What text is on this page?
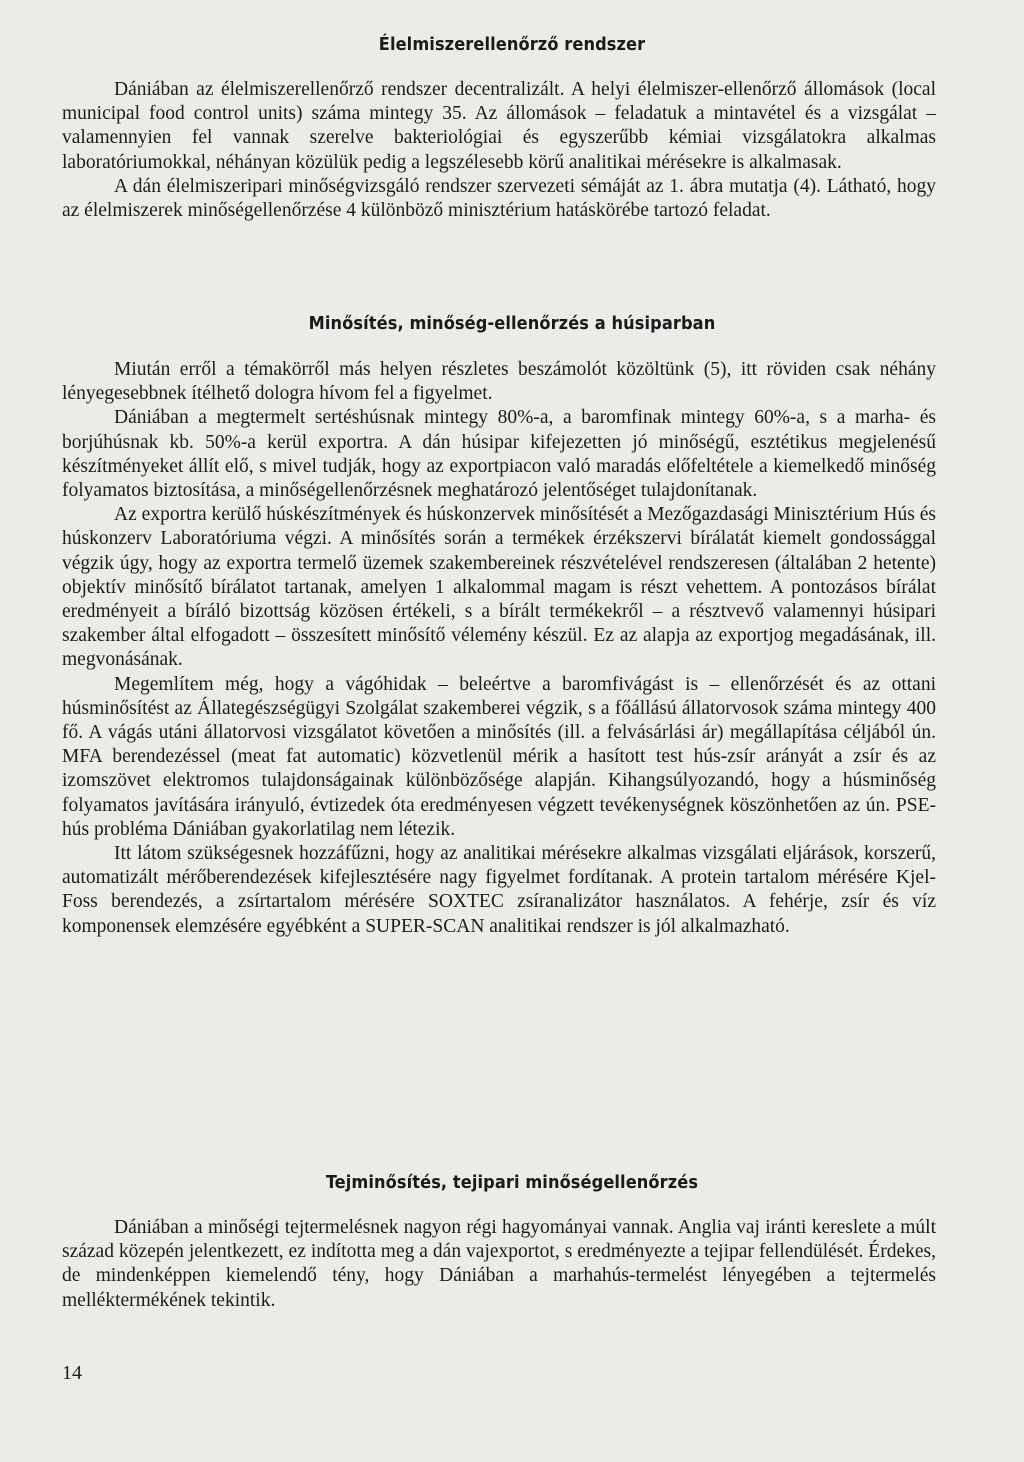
Élelmiszerellenőrző rendszer

Dániában az élelmiszerellenőrző rendszer decentralizált. A helyi élelmiszer-ellenőrző állomások (local municipal food control units) száma mintegy 35. Az állomások – feladatuk a mintavétel és a vizsgálat – valamennyien fel vannak szerelve bakteriológiai és egyszerűbb kémiai vizsgálatokra alkalmas laboratóriumokkal, néhányan közülük pedig a legszélesebb körű analitikai mérésekre is alkalmasak.

A dán élelmiszeripari minőségvizsgáló rendszer szervezeti sémáját az 1. ábra mutatja (4). Látható, hogy az élelmiszerek minőségellenőrzése 4 különböző minisztérium hatáskörébe tartozó feladat.

Minősítés, minőség-ellenőrzés a húsiparban

Miután erről a témakörről más helyen részletes beszámolót közöltünk (5), itt röviden csak néhány lényegesebbnek ítélhető dologra hívom fel a figyelmet.

Dániában a megtermelt sertéshúsnak mintegy 80%-a, a baromfinak mintegy 60%-a, s a marha- és borjúhúsnak kb. 50%-a kerül exportra. A dán húsipar kifejezetten jó minőségű, esztétikus megjelenésű készítményeket állít elő, s mivel tudják, hogy az exportpiacon való maradás előfeltétele a kiemelkedő minőség folyamatos biztosítása, a minőségellenőrzésnek meghatározó jelentőséget tulajdonítanak.

Az exportra kerülő húskészítmények és húskonzervek minősítését a Mezőgazdasági Minisztérium Hús és húskonzerv Laboratóriuma végzi. A minősítés során a termékek érzékszervi bírálatát kiemelt gondossággal végzik úgy, hogy az exportra termelő üzemek szakembereinek részvételével rendszeresen (általában 2 hetente) objektív minősítő bírálatot tartanak, amelyen 1 alkalommal magam is részt vehettem. A pontozásos bírálat eredményeit a bíráló bizottság közösen értékeli, s a bírált termékekről – a résztvevő valamennyi húsipari szakember által elfogadott – összesített minősítő vélemény készül. Ez az alapja az exportjog megadásának, ill. megvonásának.

Megemlítem még, hogy a vágóhidak – beleértve a baromfivágást is – ellenőrzését és az ottani húsminősítést az Állategészségügyi Szolgálat szakemberei végzik, s a főállású állatorvosok száma mintegy 400 fő. A vágás utáni állatorvosi vizsgálatot követően a minősítés (ill. a felvásárlási ár) megállapítása céljából ún. MFA berendezéssel (meat fat automatic) közvetlenül mérik a hasított test hús-zsír arányát a zsír és az izomszövet elektromos tulajdonságainak különbözősége alapján. Kihangsúlyozandó, hogy a húsminőség folyamatos javítására irányuló, évtizedek óta eredményesen végzett tevékenységnek köszönhetően az ún. PSE-hús probléma Dániában gyakorlatilag nem létezik.

Itt látom szükségesnek hozzáfűzni, hogy az analitikai mérésekre alkalmas vizsgálati eljárások, korszerű, automatizált mérőberendezések kifejlesztésére nagy figyelmet fordítanak. A protein tartalom mérésére Kjel-Foss berendezés, a zsírtartalom mérésére SOXTEC zsíranalizátor használatos. A fehérje, zsír és víz komponensek elemzésére egyébként a SUPER-SCAN analitikai rendszer is jól alkalmazható.

Tejminősítés, tejipari minőségellenőrzés

Dániában a minőségi tejtermelésnek nagyon régi hagyományai vannak. Anglia vaj iránti kereslete a múlt század közepén jelentkezett, ez indította meg a dán vajexportot, s eredményezte a tejipar fellendülését. Érdekes, de mindenképpen kiemelendő tény, hogy Dániában a marhahús-termelést lényegében a tejtermelés melléktermékének tekintik.

14
